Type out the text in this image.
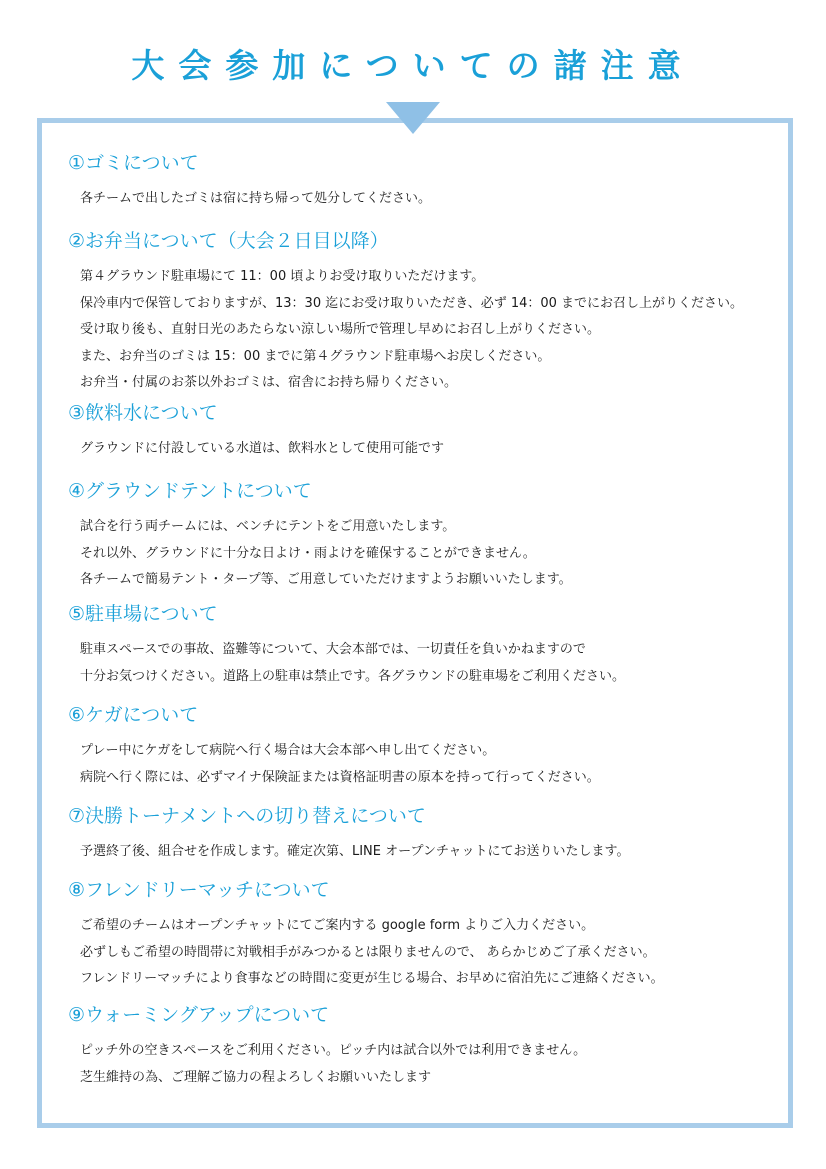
大会参加についての諸注意
①ゴミについて
各チームで出したゴミは宿に持ち帰って処分してください。
②お弁当について（大会２日目以降）
第４グラウンド駐車場にて 11：00 頃よりお受け取りいただけます。
保冷車内で保管しておりますが、13：30 迄にお受け取りいただき、必ず 14：00 までにお召し上がりください。
受け取り後も、直射日光のあたらない涼しい場所で管理し早めにお召し上がりください。
また、お弁当のゴミは 15：00 までに第４グラウンド駐車場へお戻しください。
お弁当・付属のお茶以外おゴミは、宿舎にお持ち帰りください。
③飲料水について
グラウンドに付設している水道は、飲料水として使用可能です
④グラウンドテントについて
試合を行う両チームには、ベンチにテントをご用意いたします。
それ以外、グラウンドに十分な日よけ・雨よけを確保することができません。
各チームで簡易テント・タープ等、ご用意していただけますようお願いいたします。
⑤駐車場について
駐車スペースでの事故、盗難等について、大会本部では、一切責任を負いかねますので
十分お気つけください。道路上の駐車は禁止です。各グラウンドの駐車場をご利用ください。
⑥ケガについて
プレー中にケガをして病院へ行く場合は大会本部へ申し出てください。
病院へ行く際には、必ずマイナ保険証または資格証明書の原本を持って行ってください。
⑦決勝トーナメントへの切り替えについて
予選終了後、組合せを作成します。確定次第、LINE オープンチャットにてお送りいたします。
⑧フレンドリーマッチについて
ご希望のチームはオープンチャットにてご案内する google form よりご入力ください。
必ずしもご希望の時間帯に対戦相手がみつかるとは限りませんので、 あらかじめご了承ください。
フレンドリーマッチにより食事などの時間に変更が生じる場合、お早めに宿泊先にご連絡ください。
⑨ウォーミングアップについて
ピッチ外の空きスペースをご利用ください。ピッチ内は試合以外では利用できません。
芝生維持の為、ご理解ご協力の程よろしくお願いいたします
